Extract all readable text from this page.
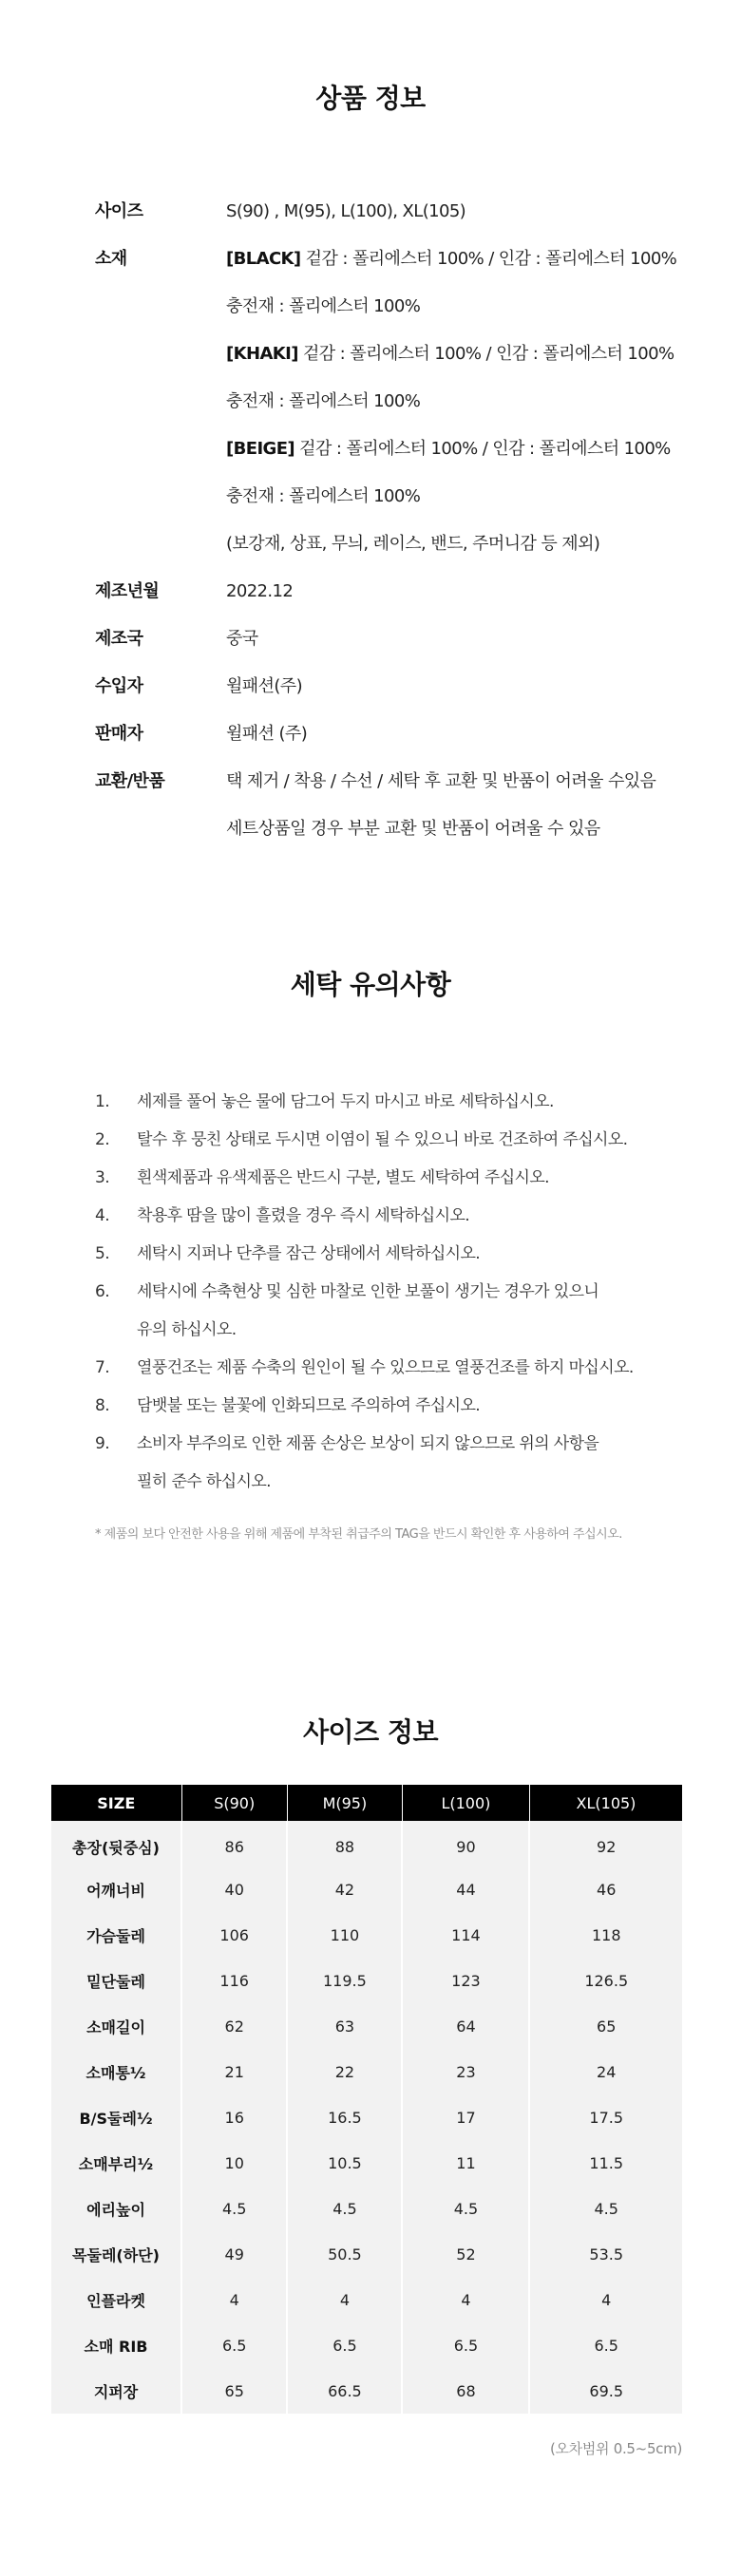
상품 정보
사이즈	S(90) , M(95), L(100), XL(105)
소재	[BLACK] 겉감 : 폴리에스터 100% / 인감 : 폴리에스터 100%
충전재 : 폴리에스터 100%
[KHAKI] 겉감 : 폴리에스터 100% / 인감 : 폴리에스터 100%
충전재 : 폴리에스터 100%
[BEIGE] 겉감 : 폴리에스터 100% / 인감 : 폴리에스터 100%
충전재 : 폴리에스터 100%
(보강재, 상표, 무늬, 레이스, 밴드, 주머니감 등 제외)
제조년월	2022.12
제조국	중국
수입자	윌패션(주)
판매자	윌패션 (주)
교환/반품	택 제거 / 착용 / 수선 / 세탁 후 교환 및 반품이 어려울 수있음
세트상품일 경우 부분 교환 및 반품이 어려울 수 있음
세탁 유의사항
1.	세제를 풀어 놓은 물에 담그어 두지 마시고 바로 세탁하십시오.
2.	탈수 후 뭉친 상태로 두시면 이염이 될 수 있으니 바로 건조하여 주십시오.
3.	흰색제품과 유색제품은 반드시 구분, 별도 세탁하여 주십시오.
4.	착용후 땀을 많이 흘렸을 경우 즉시 세탁하십시오.
5.	세탁시 지퍼나 단추를 잠근 상태에서 세탁하십시오.
6.	세탁시에 수축현상 및 심한 마찰로 인한 보풀이 생기는 경우가 있으니
유의 하십시오.
7.	열풍건조는 제품 수축의 원인이 될 수 있으므로 열풍건조를 하지 마십시오.
8.	담뱃불 또는 불꽃에 인화되므로 주의하여 주십시오.
9.	소비자 부주의로 인한 제품 손상은 보상이 되지 않으므로 위의 사항을
필히 준수 하십시오.
* 제품의 보다 안전한 사용을 위해 제품에 부착된 취급주의 TAG을 반드시 확인한 후 사용하여 주십시오.
사이즈 정보
SIZE	S(90)	M(95)	L(100)	XL(105)
총장(뒷중심)	86	88	90	92
어깨너비	40	42	44	46
가슴둘레	106	110	114	118
밑단둘레	116	119.5	123	126.5
소매길이	62	63	64	65
소매통½	21	22	23	24
B/S둘레½	16	16.5	17	17.5
소매부리½	10	10.5	11	11.5
에리높이	4.5	4.5	4.5	4.5
목둘레(하단)	49	50.5	52	53.5
인플라켓	4	4	4	4
소매 RIB	6.5	6.5	6.5	6.5
지퍼장	65	66.5	68	69.5
(오차범위 0.5~5cm)
